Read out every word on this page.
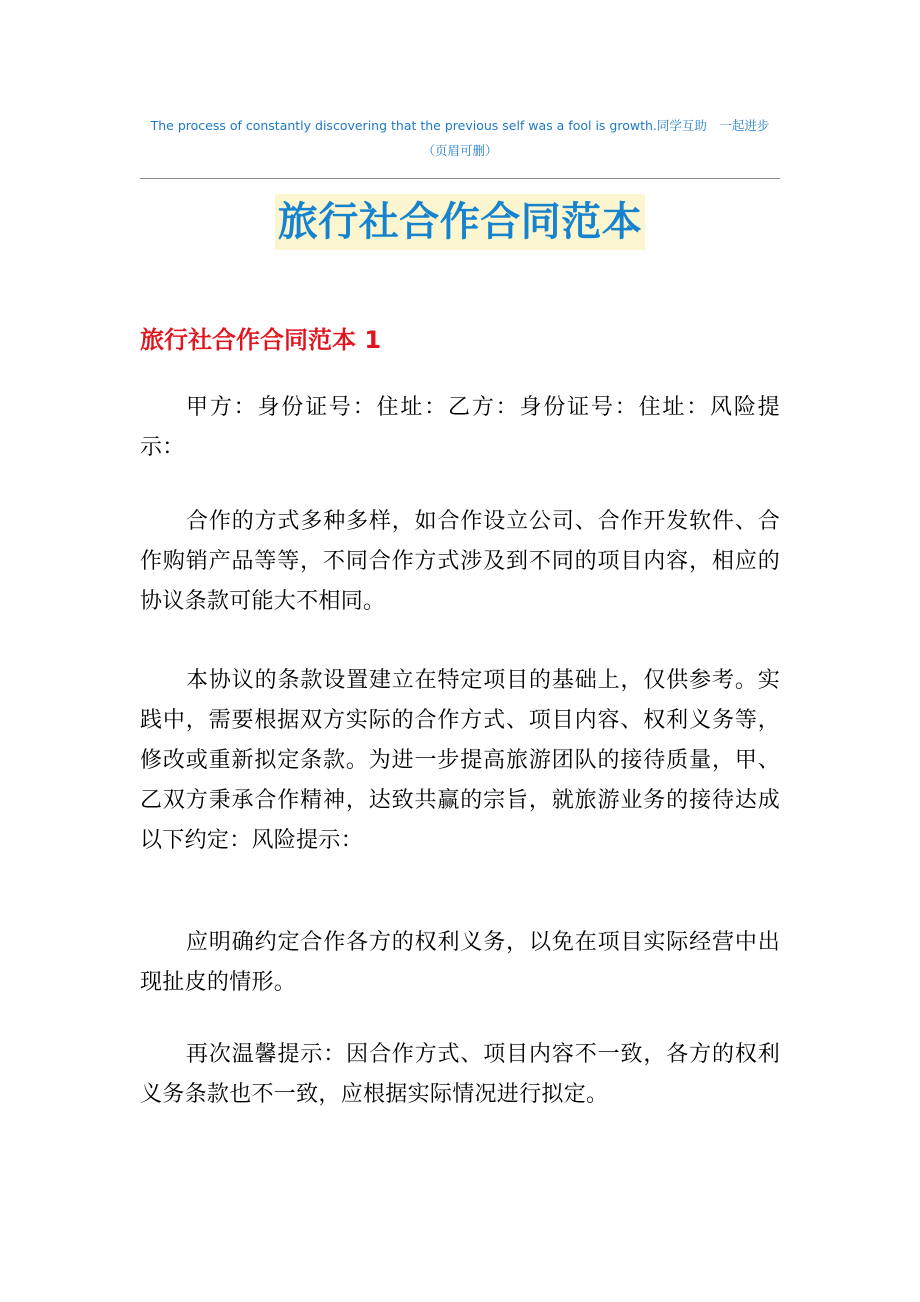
The process of constantly discovering that the previous self was a fool is growth.同学互助　一起进步（页眉可删）
旅行社合作合同范本
旅行社合作合同范本 1

甲方：身份证号：住址：乙方：身份证号：住址：风险提示：

合作的方式多种多样，如合作设立公司、合作开发软件、合作购销产品等等，不同合作方式涉及到不同的项目内容，相应的协议条款可能大不相同。

本协议的条款设置建立在特定项目的基础上，仅供参考。实践中，需要根据双方实际的合作方式、项目内容、权利义务等，修改或重新拟定条款。为进一步提高旅游团队的接待质量，甲、乙双方秉承合作精神，达致共赢的宗旨，就旅游业务的接待达成以下约定：风险提示：

应明确约定合作各方的权利义务，以免在项目实际经营中出现扯皮的情形。

再次温馨提示：因合作方式、项目内容不一致，各方的权利义务条款也不一致，应根据实际情况进行拟定。
